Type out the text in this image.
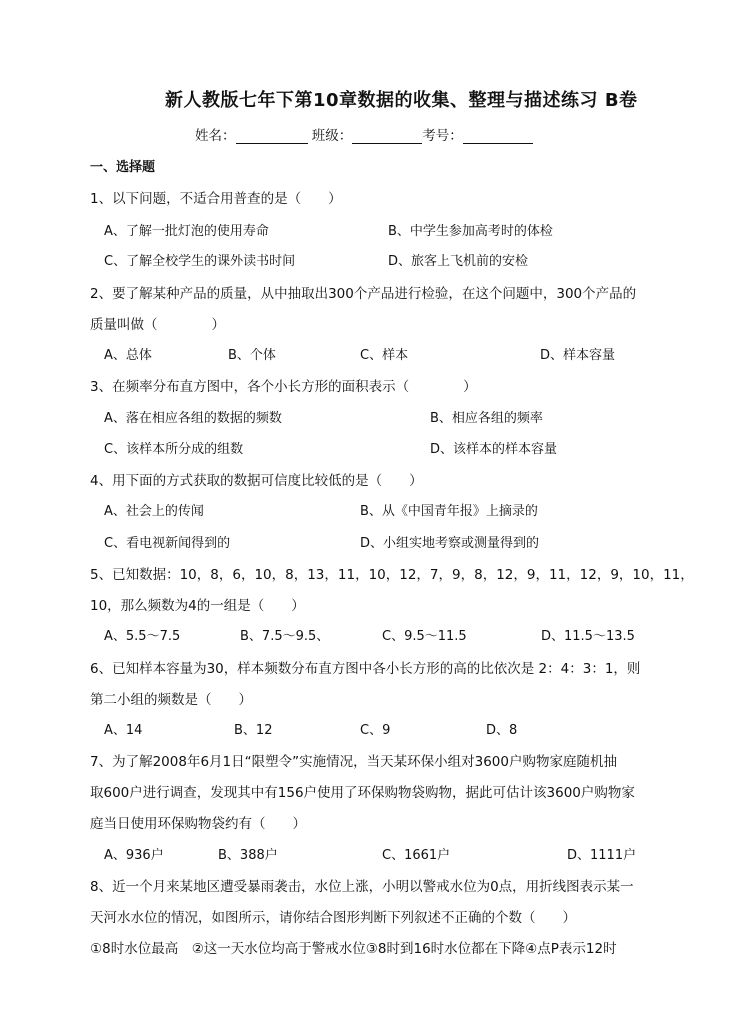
新人教版七年下第10章数据的收集、整理与描述练习 B卷
姓名：	班级：	考号：
一、选择题
1、以下问题，不适合用普查的是（　　）
A、了解一批灯泡的使用寿命	B、中学生参加高考时的体检
C、了解全校学生的课外读书时间	D、旅客上飞机前的安检
2、要了解某种产品的质量，从中抽取出300个产品进行检验，在这个问题中，300个产品的
质量叫做（　　　　）
A、总体	B、个体	C、样本	D、样本容量
3、在频率分布直方图中，各个小长方形的面积表示（　　　　）
A、落在相应各组的数据的频数	B、相应各组的频率
C、该样本所分成的组数	D、该样本的样本容量
4、用下面的方式获取的数据可信度比较低的是（　　）
A、社会上的传闻	B、从《中国青年报》上摘录的
C、看电视新闻得到的	D、小组实地考察或测量得到的
5、已知数据：10，8，6，10，8，13，11，10，12，7，9，8，12，9，11，12，9，10，11，
10，那么频数为4的一组是（　　）
A、5.5～7.5	B、7.5～9.5、	C、9.5～11.5	D、11.5～13.5
6、已知样本容量为30，样本频数分布直方图中各小长方形的高的比依次是 2：4：3：1，则
第二小组的频数是（　　）
A、14	B、12	C、9	D、8
7、为了解2008年6月1日“限塑令”实施情况，当天某环保小组对3600户购物家庭随机抽
取600户进行调查，发现其中有156户使用了环保购物袋购物，据此可估计该3600户购物家
庭当日使用环保购物袋约有（　　）
A、936户	B、388户	C、1661户	D、1111户
8、近一个月来某地区遭受暴雨袭击，水位上涨，小明以警戒水位为0点，用折线图表示某一
天河水水位的情况，如图所示，请你结合图形判断下列叙述不正确的个数（　　）
①8时水位最高　②这一天水位均高于警戒水位③8时到16时水位都在下降④点P表示12时
